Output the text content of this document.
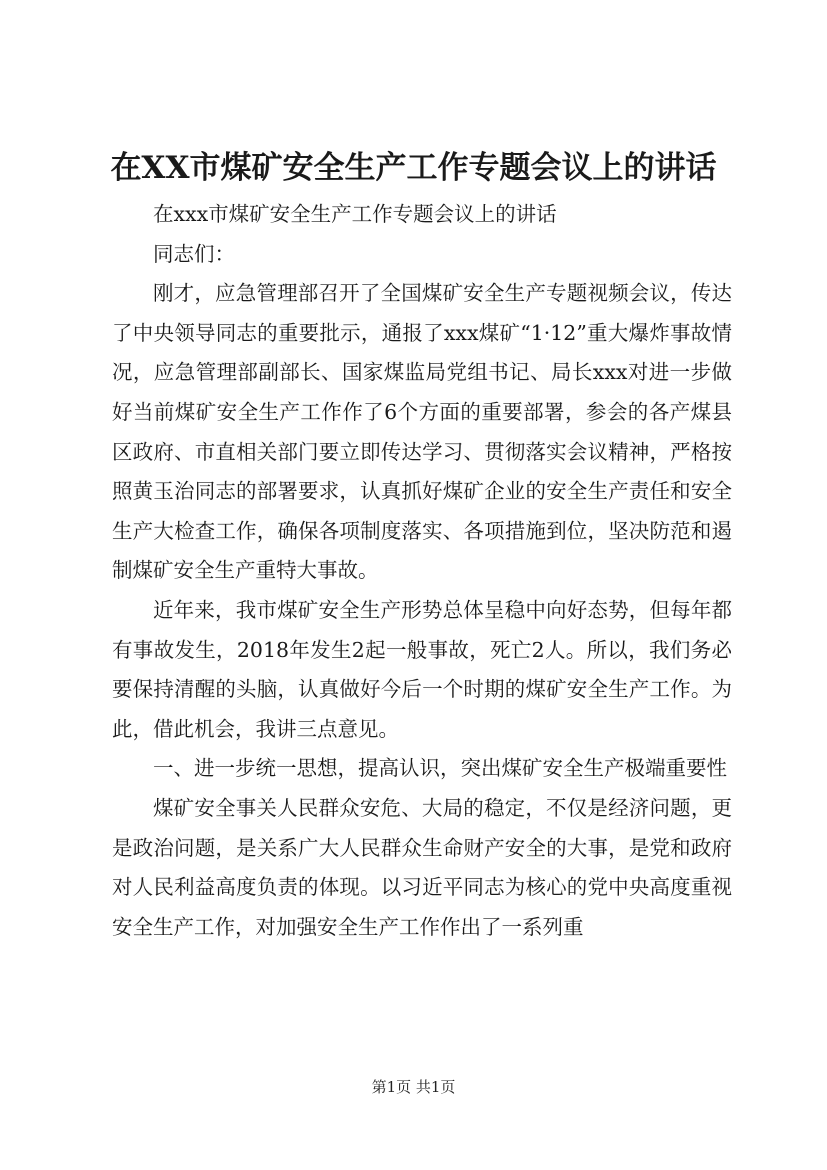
在XX市煤矿安全生产工作专题会议上的讲话

在xxx市煤矿安全生产工作专题会议上的讲话

同志们：

刚才，应急管理部召开了全国煤矿安全生产专题视频会议，传达了中央领导同志的重要批示，通报了xxx煤矿“1·12”重大爆炸事故情况，应急管理部副部长、国家煤监局党组书记、局长xxx对进一步做好当前煤矿安全生产工作作了6个方面的重要部署，参会的各产煤县区政府、市直相关部门要立即传达学习、贯彻落实会议精神，严格按照黄玉治同志的部署要求，认真抓好煤矿企业的安全生产责任和安全生产大检查工作，确保各项制度落实、各项措施到位，坚决防范和遏制煤矿安全生产重特大事故。

近年来，我市煤矿安全生产形势总体呈稳中向好态势，但每年都有事故发生，2018年发生2起一般事故，死亡2人。所以，我们务必要保持清醒的头脑，认真做好今后一个时期的煤矿安全生产工作。为此，借此机会，我讲三点意见。

一、进一步统一思想，提高认识，突出煤矿安全生产极端重要性

煤矿安全事关人民群众安危、大局的稳定，不仅是经济问题，更是政治问题，是关系广大人民群众生命财产安全的大事，是党和政府对人民利益高度负责的体现。以习近平同志为核心的党中央高度重视安全生产工作，对加强安全生产工作作出了一系列重

第1页 共1页
